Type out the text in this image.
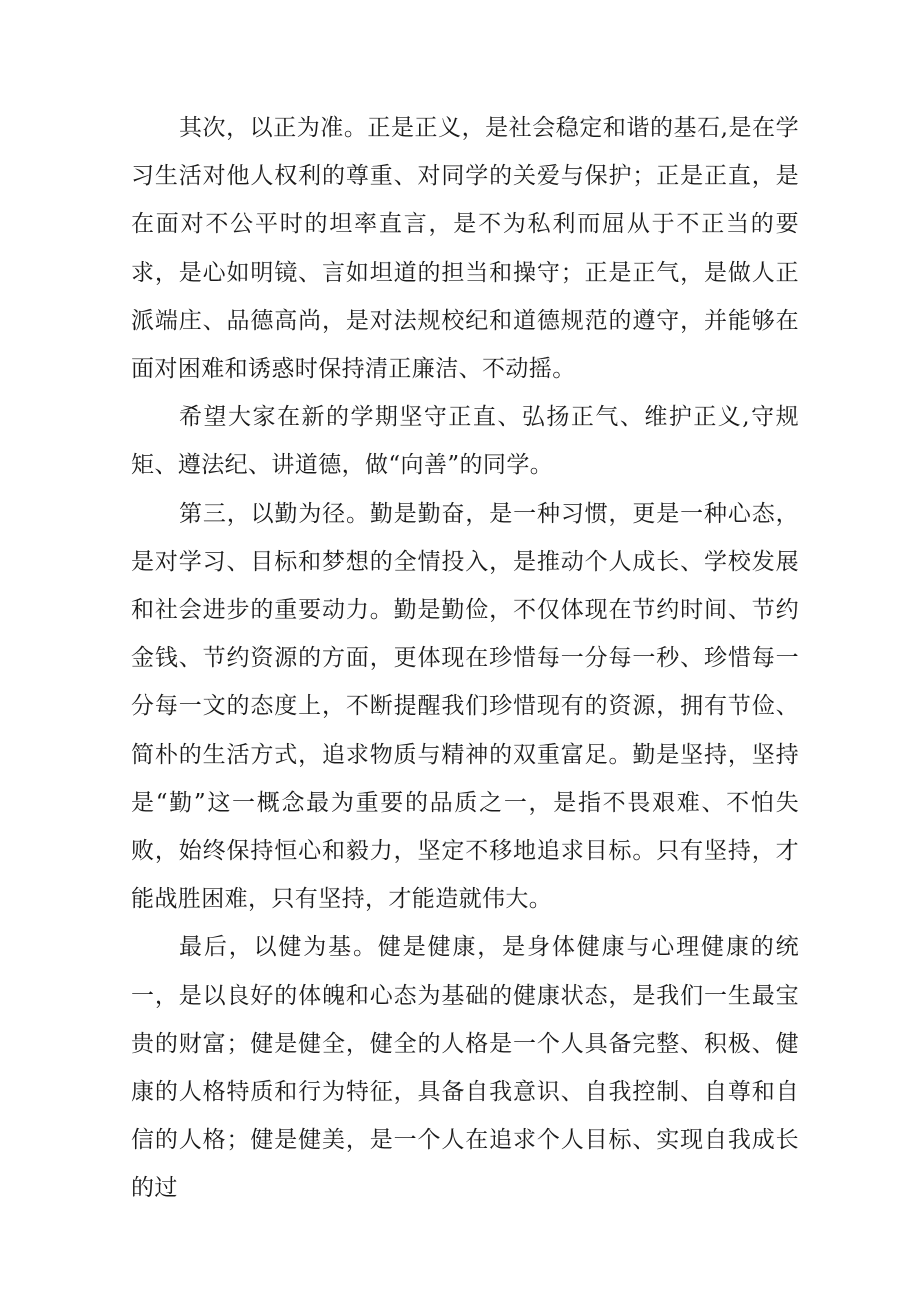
其次，以正为准。正是正义，是社会稳定和谐的基石,是在学习生活对他人权利的尊重、对同学的关爱与保护；正是正直，是在面对不公平时的坦率直言，是不为私利而屈从于不正当的要求，是心如明镜、言如坦道的担当和操守；正是正气，是做人正派端庄、品德高尚，是对法规校纪和道德规范的遵守，并能够在面对困难和诱惑时保持清正廉洁、不动摇。

希望大家在新的学期坚守正直、弘扬正气、维护正义,守规矩、遵法纪、讲道德，做“向善”的同学。

第三，以勤为径。勤是勤奋，是一种习惯，更是一种心态，是对学习、目标和梦想的全情投入，是推动个人成长、学校发展和社会进步的重要动力。勤是勤俭，不仅体现在节约时间、节约金钱、节约资源的方面，更体现在珍惜每一分每一秒、珍惜每一分每一文的态度上，不断提醒我们珍惜现有的资源，拥有节俭、简朴的生活方式，追求物质与精神的双重富足。勤是坚持，坚持是“勤”这一概念最为重要的品质之一，是指不畏艰难、不怕失败，始终保持恒心和毅力，坚定不移地追求目标。只有坚持，才能战胜困难，只有坚持，才能造就伟大。

最后，以健为基。健是健康，是身体健康与心理健康的统一，是以良好的体魄和心态为基础的健康状态，是我们一生最宝贵的财富；健是健全，健全的人格是一个人具备完整、积极、健康的人格特质和行为特征，具备自我意识、自我控制、自尊和自信的人格；健是健美，是一个人在追求个人目标、实现自我成长的过
